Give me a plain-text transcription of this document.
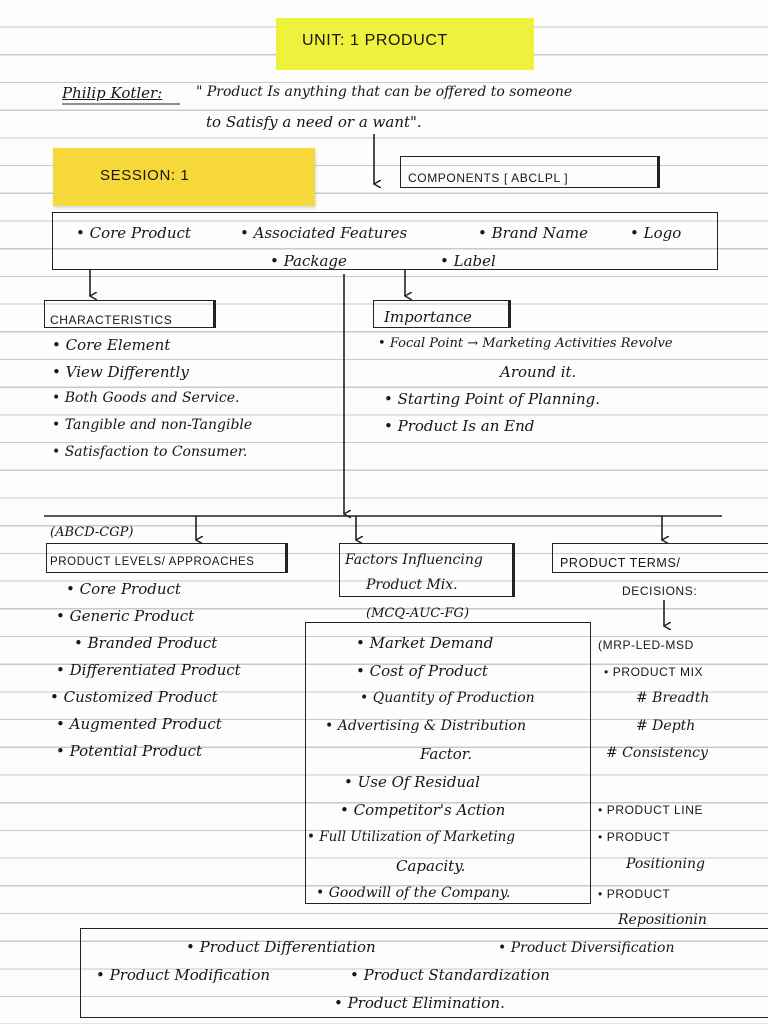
UNIT: 1 PRODUCT
Philip Kotler: " Product Is anything that can be offered to someone
to Satisfy a need or a want".
SESSION: 1	COMPONENTS [ ABCLPL ]
• Core Product	• Associated Features	• Brand Name	• Logo
• Package	• Label
CHARACTERISTICS
• Core Element
• View Differently
• Both Goods and Service.
• Tangible and non-Tangible
• Satisfaction to Consumer.
Importance
• Focal Point → Marketing Activities Revolve
Around it.
• Starting Point of Planning.
• Product Is an End
(ABCD-CGP)
PRODUCT LEVELS/ APPROACHES
• Core Product
• Generic Product
• Branded Product
• Differentiated Product
• Customized Product
• Augmented Product
• Potential Product
Factors Influencing
Product Mix.
(MCQ-AUC-FG)
• Market Demand
• Cost of Product
• Quantity of Production
• Advertising & Distribution
Factor.
• Use Of Residual
• Competitor's Action
• Full Utilization of Marketing
Capacity.
• Goodwill of the Company.
PRODUCT TERMS/
DECISIONS:
(MRP-LED-MSD
• PRODUCT MIX
# Breadth
# Depth
# Consistency
• PRODUCT LINE
• PRODUCT
Positioning
• PRODUCT
Repositionin
• Product Differentiation	• Product Diversification
• Product Modification	• Product Standardization
• Product Elimination.
